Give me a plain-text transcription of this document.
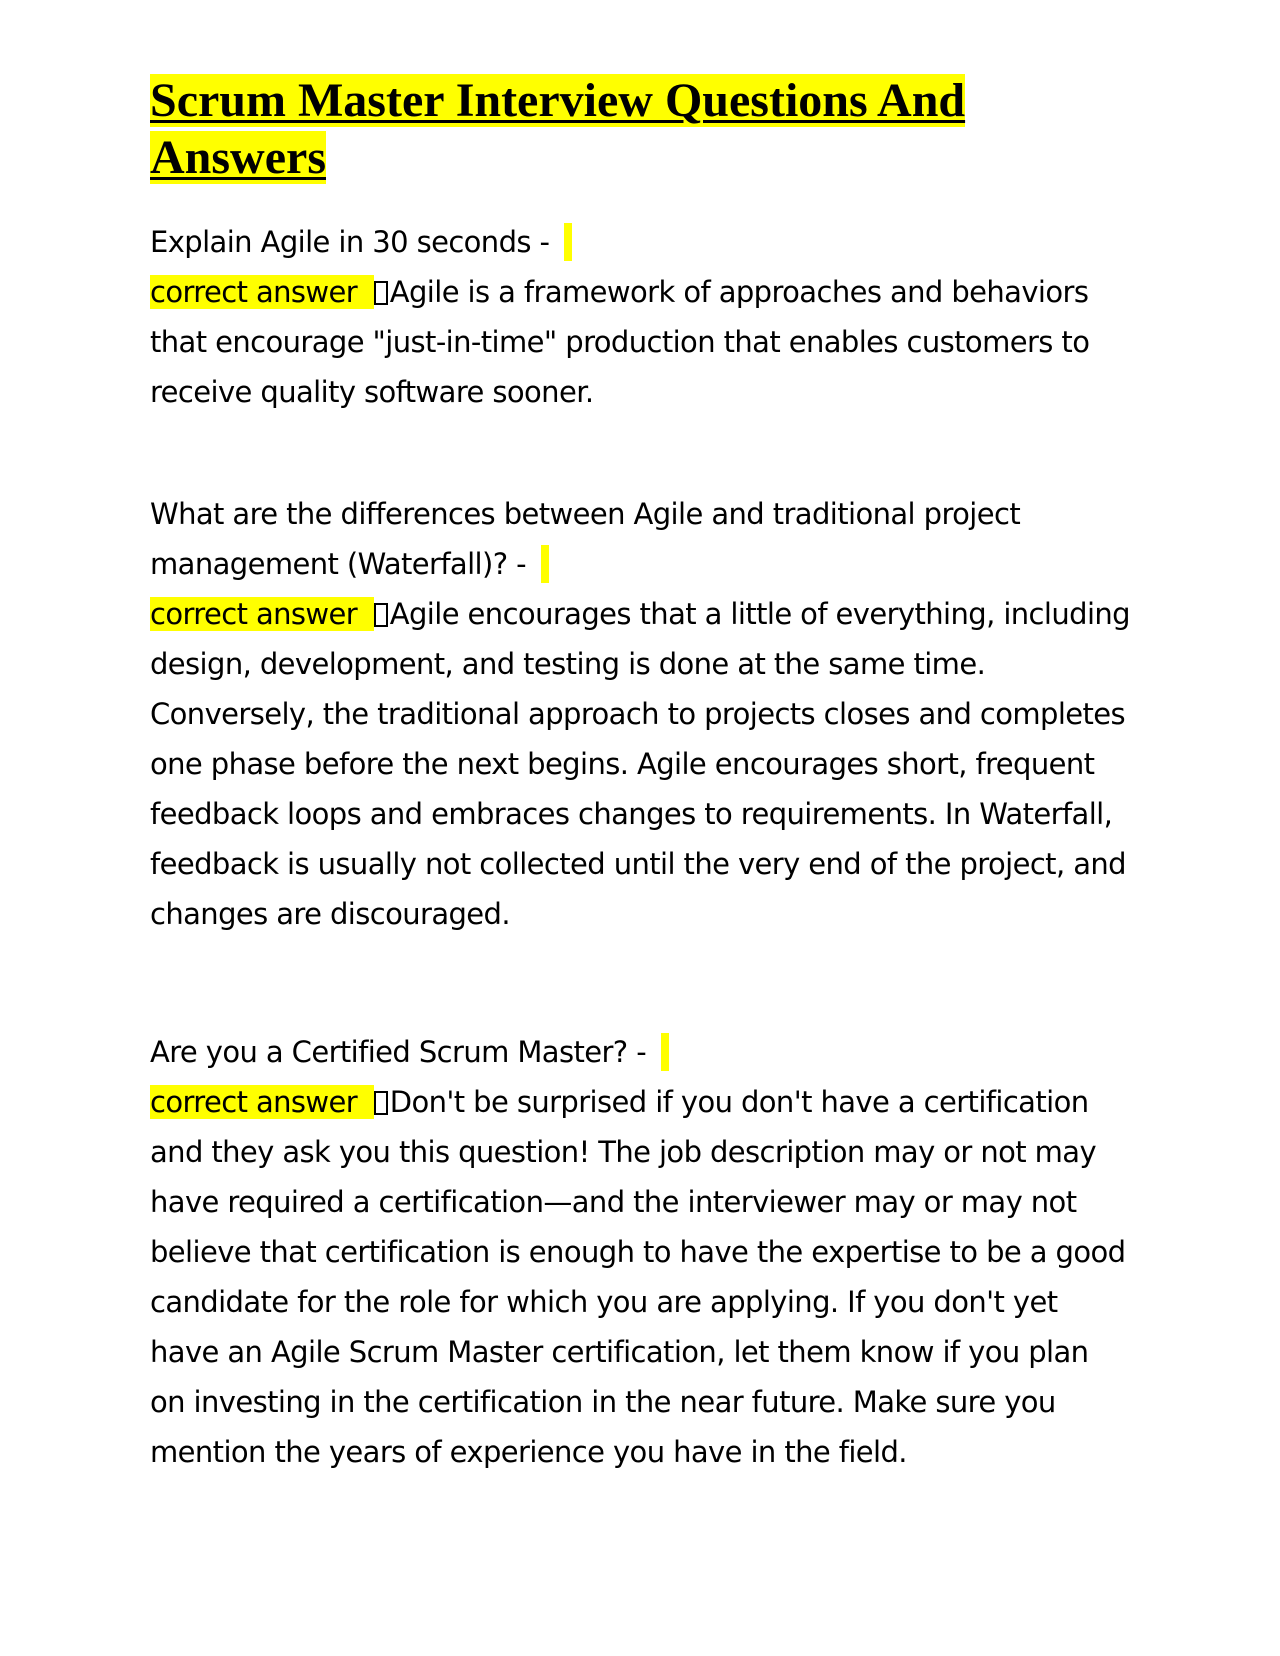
Scrum Master Interview Questions And
Answers

Explain Agile in 30 seconds -

correct answer Agile is a framework of approaches and behaviors that encourage "just-in-time" production that enables customers to receive quality software sooner.

What are the differences between Agile and traditional project management (Waterfall)? -

correct answer Agile encourages that a little of everything, including design, development, and testing is done at the same time. Conversely, the traditional approach to projects closes and completes one phase before the next begins. Agile encourages short, frequent feedback loops and embraces changes to requirements. In Waterfall, feedback is usually not collected until the very end of the project, and changes are discouraged.

Are you a Certified Scrum Master? -

correct answer Don't be surprised if you don't have a certification and they ask you this question! The job description may or not may have required a certification—and the interviewer may or may not believe that certification is enough to have the expertise to be a good candidate for the role for which you are applying. If you don't yet have an Agile Scrum Master certification, let them know if you plan on investing in the certification in the near future. Make sure you mention the years of experience you have in the field.
